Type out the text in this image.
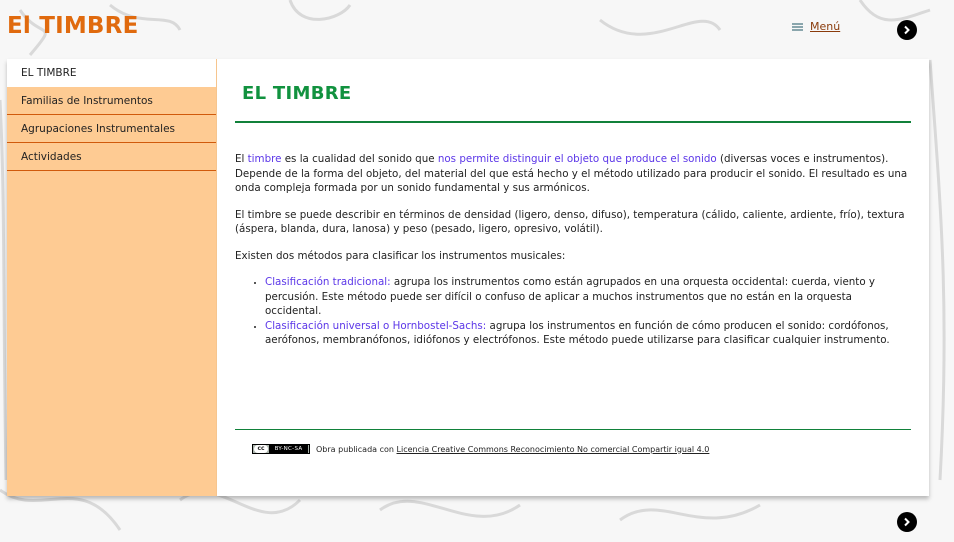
El TIMBRE	Menú
EL TIMBRE
Familias de Instrumentos
Agrupaciones Instrumentales
Actividades
EL TIMBRE

El timbre es la cualidad del sonido que nos permite distinguir el objeto que produce el sonido (diversas voces e instrumentos). Depende de la forma del objeto, del material del que está hecho y el método utilizado para producir el sonido. El resultado es una onda compleja formada por un sonido fundamental y sus armónicos.

El timbre se puede describir en términos de densidad (ligero, denso, difuso), temperatura (cálido, caliente, ardiente, frío), textura (áspera, blanda, dura, lanosa) y peso (pesado, ligero, opresivo, volátil).

Existen dos métodos para clasificar los instrumentos musicales:

• Clasificación tradicional: agrupa los instrumentos como están agrupados en una orquesta occidental: cuerda, viento y percusión. Este método puede ser difícil o confuso de aplicar a muchos instrumentos que no están en la orquesta occidental.
• Clasificación universal o Hornbostel-Sachs: agrupa los instrumentos en función de cómo producen el sonido: cordófonos, aerófonos, membranófonos, idiófonos y electrófonos. Este método puede utilizarse para clasificar cualquier instrumento.
cc	BY-NC-SA	Obra publicada con Licencia Creative Commons Reconocimiento No comercial Compartir igual 4.0
